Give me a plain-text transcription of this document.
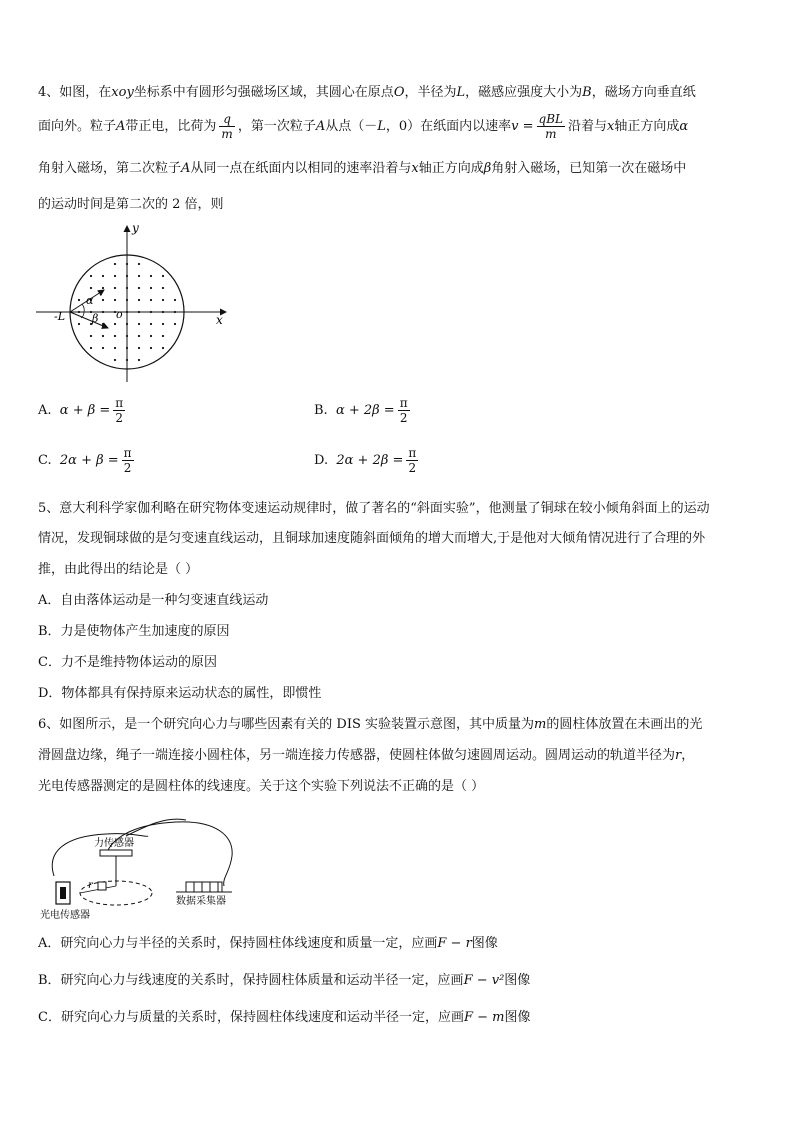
4、如图，在xoy坐标系中有圆形匀强磁场区域，其圆心在原点O，半径为L，磁感应强度大小为B，磁场方向垂直纸
面向外。粒子A带正电，比荷为 $\frac{q}{m}$ ，第一次粒子A从点（－L，0）在纸面内以速率$v = \frac{\text{qBL}}{m}$ 沿着与x轴正方向成α
角射入磁场，第二次粒子A从同一点在纸面内以相同的速率沿着与x轴正方向成β角射入磁场，已知第一次在磁场中
的运动时间是第二次的 2 倍，则
y
x
o
-L
α
β
A. $\alpha + \beta = \frac{\pi}{2}$	B. $\alpha + 2\beta = \frac{\pi}{2}$
C. $2\alpha + \beta = \frac{\pi}{2}$	D. $2\alpha + 2\beta = \frac{\pi}{2}$
5、意大利科学家伽利略在研究物体变速运动规律时，做了著名的“斜面实验”，他测量了铜球在较小倾角斜面上的运动
情况，发现铜球做的是匀变速直线运动，且铜球加速度随斜面倾角的增大而增大,于是他对大倾角情况进行了合理的外
推，由此得出的结论是（ ）
A．自由落体运动是一种匀变速直线运动
B．力是使物体产生加速度的原因
C．力不是维持物体运动的原因
D．物体都具有保持原来运动状态的属性，即惯性
6、如图所示，是一个研究向心力与哪些因素有关的 DIS 实验装置示意图，其中质量为m的圆柱体放置在未画出的光
滑圆盘边缘，绳子一端连接小圆柱体，另一端连接力传感器，使圆柱体做匀速圆周运动。圆周运动的轨道半径为r，
光电传感器测定的是圆柱体的线速度。关于这个实验下列说法不正确的是（ ）
力传感器
r
数据采集器
光电传感器
A．研究向心力与半径的关系时，保持圆柱体线速度和质量一定，应画F − r图像
B．研究向心力与线速度的关系时，保持圆柱体质量和运动半径一定，应画F − v²图像
C．研究向心力与质量的关系时，保持圆柱体线速度和运动半径一定，应画F − m图像
